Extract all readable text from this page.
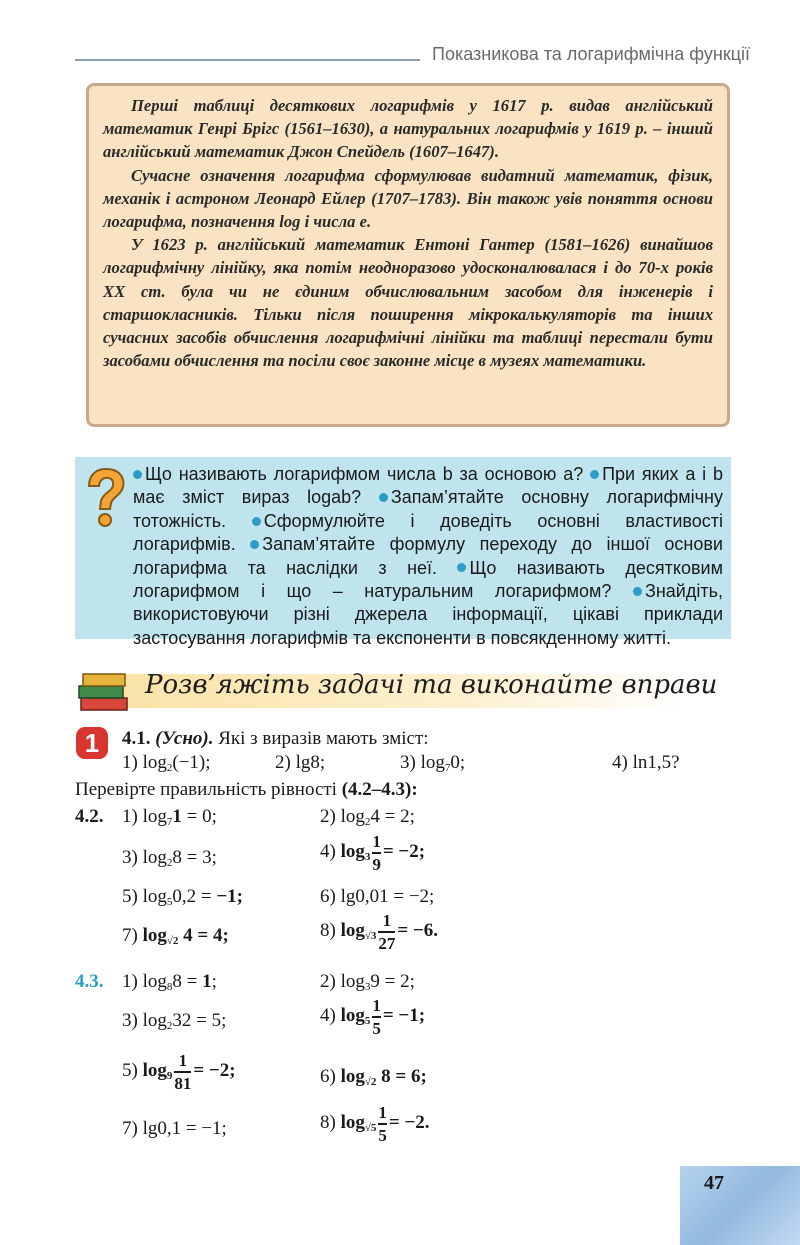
Показникова та логарифмічна функції

Перші таблиці десяткових логарифмів у 1617 р. видав англійський математик Генрі Брігс (1561–1630), а натуральних логарифмів у 1619 р. – інший англійський математик Джон Спейдель (1607–1647).

Сучасне означення логарифма сформулював видатний математик, фізик, механік і астроном Леонард Ейлер (1707–1783). Він також увів поняття основи логарифма, позначення log і числа e.

У 1623 р. англійський математик Ентоні Гантер (1581–1626) винайшов логарифмічну лінійку, яка потім неодноразово удосконалювалася і до 70-х років XX ст. була чи не єдиним обчислювальним засобом для інженерів і старшокласників. Тільки після поширення мікрокалькуляторів та інших сучасних засобів обчислення логарифмічні лінійки та таблиці перестали бути засобами обчислення та посіли своє законне місце в музеях математики.

Що називають логарифмом числа b за основою a? При яких a і b має зміст вираз logab? Запам’ятайте основну логарифмічну тотожність. Сформулюйте і доведіть основні властивості логарифмів. Запам’ятайте формулу переходу до іншої основи логарифма та наслідки з неї. Що називають десятковим логарифмом і що – натуральним логарифмом? Знайдіть, використовуючи різні джерела інформації, цікаві приклади застосування логарифмів та експоненти в повсякденному житті.
Розв’яжіть задачі та виконайте вправи
1	4.1. (Усно). Які з виразів мають зміст:
1) $\log_2(-1)$;	2) lg8;	3) $\log_70$;	4) ln1,5?
Перевірте правильність рівності (4.2–4.3):
4.2. 1) $\log_71 = 0$;	2) $\log_24 = 2$;
3) $\log_28 = 3$;	4) $\log_3 \frac{1}{9} = -2$;
5) $\log_50,2 = -1$;	6) lg0,01 = −2;
7) $\log_{√2} 4 = 4$;	8) $\log_{√3} \frac{1}{27} = -6$.
4.3. 1) $\log_88 = 1$;	2) $\log_39 = 2$;
3) $\log_232 = 5$;	4) $\log_5 \frac{1}{5} = -1$;
5) $\log_9 \frac{1}{81} = -2$;	6) $\log_{√2} 8 = 6$;
7) lg0,1 = −1;	8) $\log_{√5} \frac{1}{5} = -2$.
47
